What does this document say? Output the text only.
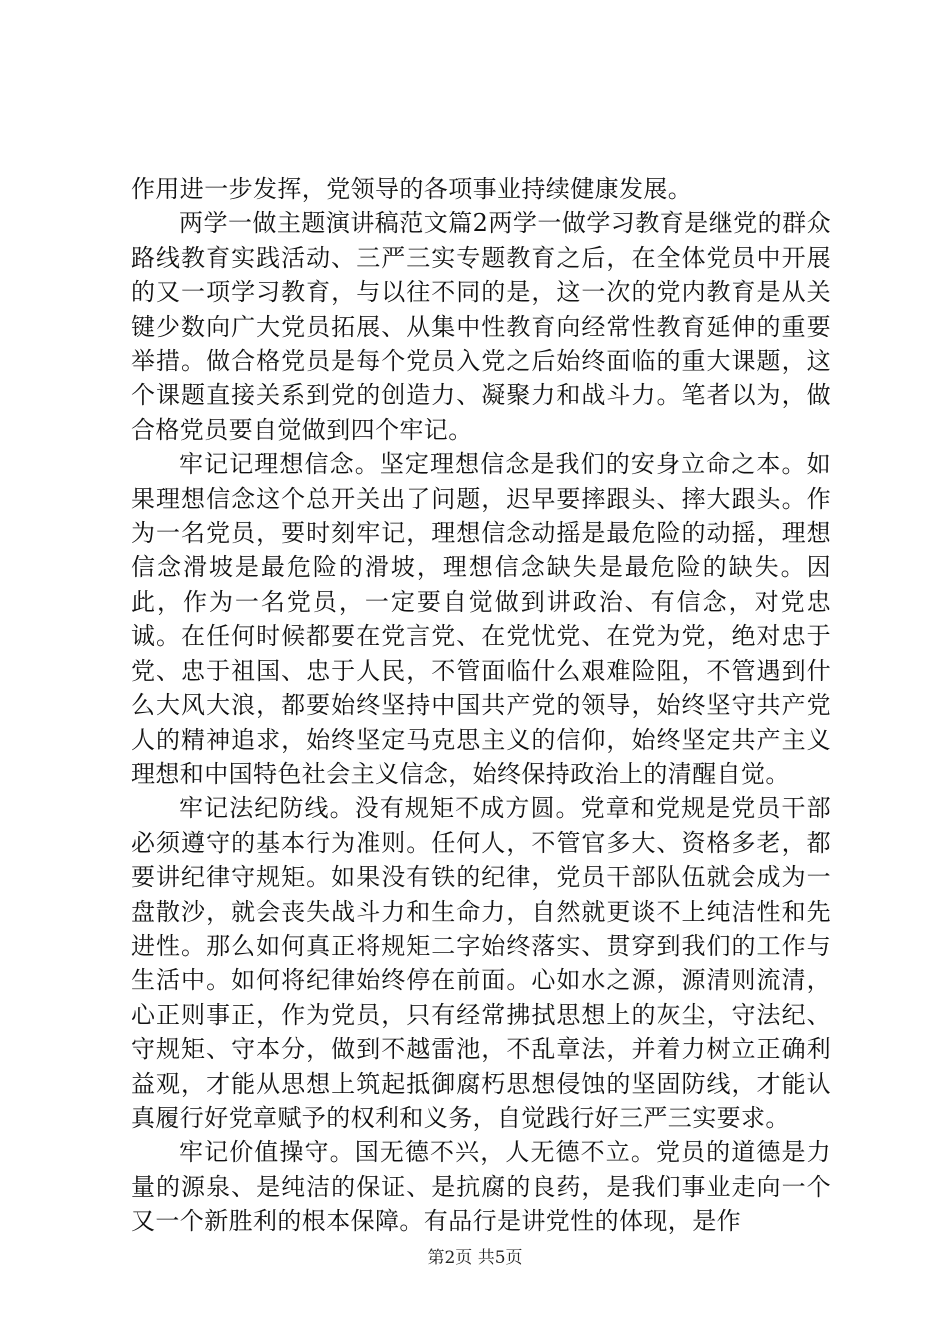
作用进一步发挥，党领导的各项事业持续健康发展。

两学一做主题演讲稿范文篇2两学一做学习教育是继党的群众路线教育实践活动、三严三实专题教育之后，在全体党员中开展的又一项学习教育，与以往不同的是，这一次的党内教育是从关键少数向广大党员拓展、从集中性教育向经常性教育延伸的重要举措。做合格党员是每个党员入党之后始终面临的重大课题，这个课题直接关系到党的创造力、凝聚力和战斗力。笔者以为，做合格党员要自觉做到四个牢记。

牢记记理想信念。坚定理想信念是我们的安身立命之本。如果理想信念这个总开关出了问题，迟早要摔跟头、摔大跟头。作为一名党员，要时刻牢记，理想信念动摇是最危险的动摇，理想信念滑坡是最危险的滑坡，理想信念缺失是最危险的缺失。因此，作为一名党员，一定要自觉做到讲政治、有信念，对党忠诚。在任何时候都要在党言党、在党忧党、在党为党，绝对忠于党、忠于祖国、忠于人民，不管面临什么艰难险阻，不管遇到什么大风大浪，都要始终坚持中国共产党的领导，始终坚守共产党人的精神追求，始终坚定马克思主义的信仰，始终坚定共产主义理想和中国特色社会主义信念，始终保持政治上的清醒自觉。

牢记法纪防线。没有规矩不成方圆。党章和党规是党员干部必须遵守的基本行为准则。任何人，不管官多大、资格多老，都要讲纪律守规矩。如果没有铁的纪律，党员干部队伍就会成为一盘散沙，就会丧失战斗力和生命力，自然就更谈不上纯洁性和先进性。那么如何真正将规矩二字始终落实、贯穿到我们的工作与生活中。如何将纪律始终停在前面。心如水之源，源清则流清，心正则事正，作为党员，只有经常拂拭思想上的灰尘，守法纪、守规矩、守本分，做到不越雷池，不乱章法，并着力树立正确利益观，才能从思想上筑起抵御腐朽思想侵蚀的坚固防线，才能认真履行好党章赋予的权利和义务，自觉践行好三严三实要求。

牢记价值操守。国无德不兴，人无德不立。党员的道德是力量的源泉、是纯洁的保证、是抗腐的良药，是我们事业走向一个又一个新胜利的根本保障。有品行是讲党性的体现，是作

第2页 共5页
